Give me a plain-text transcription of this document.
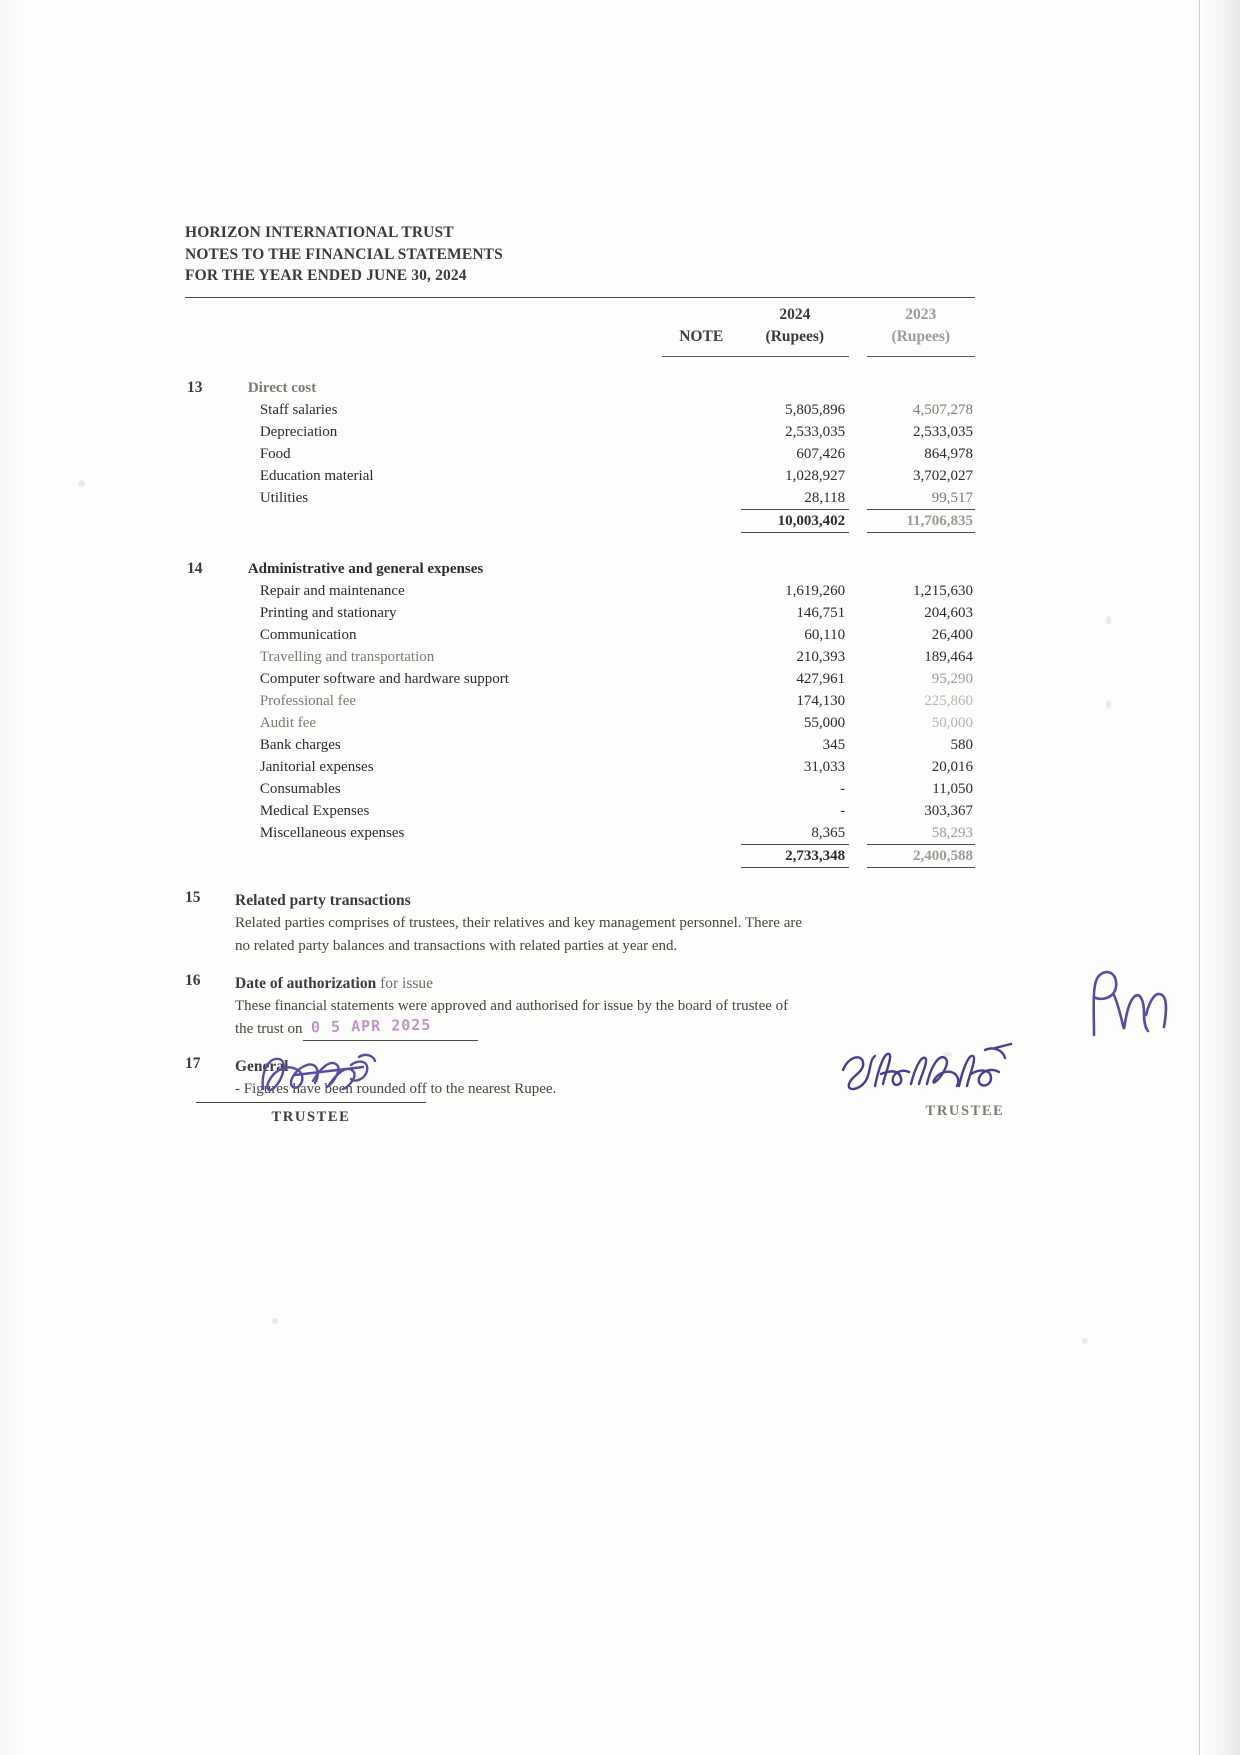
HORIZON INTERNATIONAL TRUST
NOTES TO THE FINANCIAL STATEMENTS
FOR THE YEAR ENDED JUNE 30, 2024

			2024		2023
		NOTE	(Rupees)		(Rupees)

13	Direct cost				
	Staff salaries		5,805,896		4,507,278
	Depreciation		2,533,035		2,533,035
	Food		607,426		864,978
	Education material		1,028,927		3,702,027
	Utilities		28,118		99,517
			10,003,402		11,706,835

14	Administrative and general expenses				
	Repair and maintenance		1,619,260		1,215,630
	Printing and stationary		146,751		204,603
	Communication		60,110		26,400
	Travelling and transportation		210,393		189,464
	Computer software and hardware support		427,961		95,290
	Professional fee		174,130		225,860
	Audit fee		55,000		50,000
	Bank charges		345		580
	Janitorial expenses		31,033		20,016
	Consumables		-		11,050
	Medical Expenses		-		303,367
	Miscellaneous expenses		8,365		58,293
			2,733,348		2,400,588

15	Related party transactions
Related parties comprises of trustees, their relatives and key management personnel. There are
no related party balances and transactions with related parties at year end.
16	Date of authorization for issue
These financial statements were approved and authorised for issue by the board of trustee of
the trust on 0 5 APR 2025
17	General
- Figures have been rounded off to the nearest Rupee.
TRUSTEE	TRUSTEE
